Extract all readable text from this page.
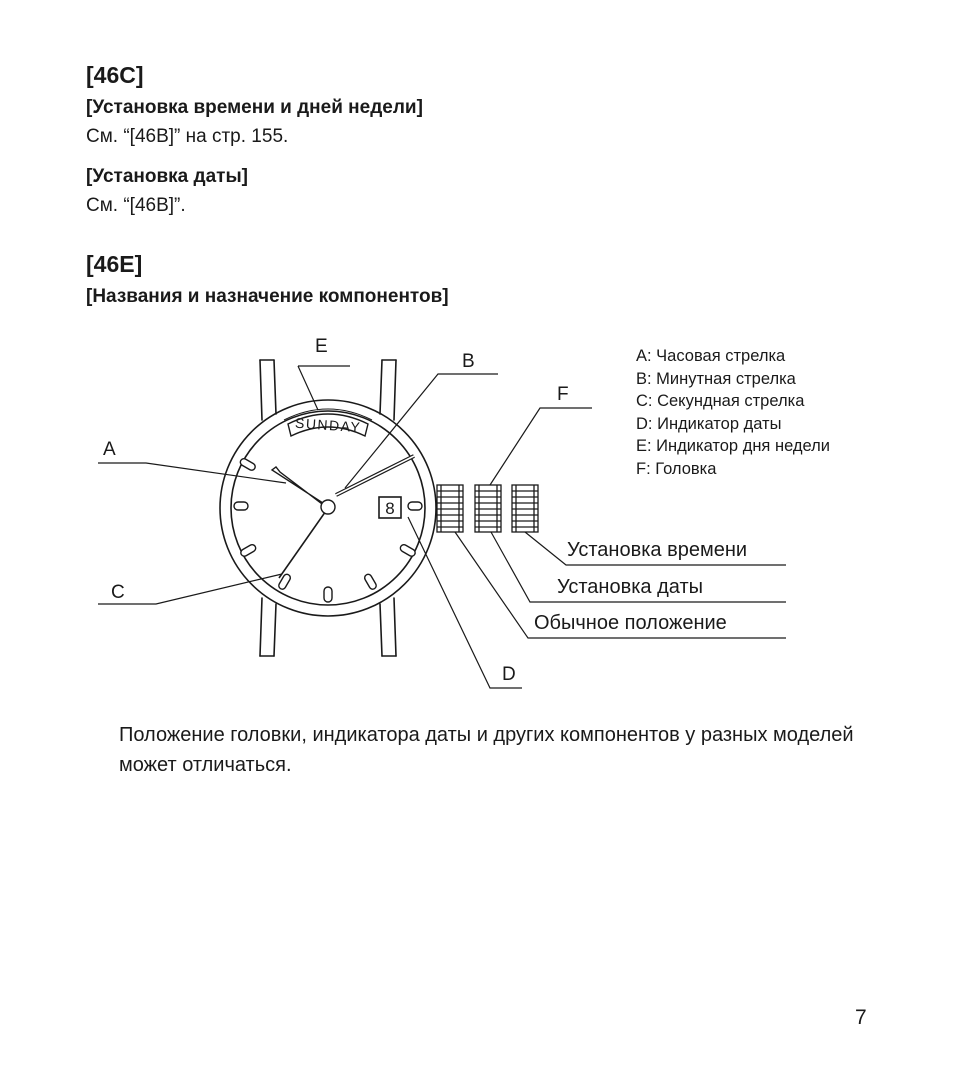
[46C]
[Установка времени и дней недели]
См. “[46B]” на стр. 155.
[Установка даты]
См. “[46B]”.
[46E]
[Названия и назначение компонентов]
SUNDAY
8
A
E
B
F
C
D
Установка времени
Установка даты
Обычное положение
A: Часовая стрелка
B: Минутная стрелка
C: Секундная стрелка
D: Индикатор даты
E: Индикатор дня недели
F: Головка
Положение головки, индикатора даты и других компонентов у разных моделей может отличаться.
7
